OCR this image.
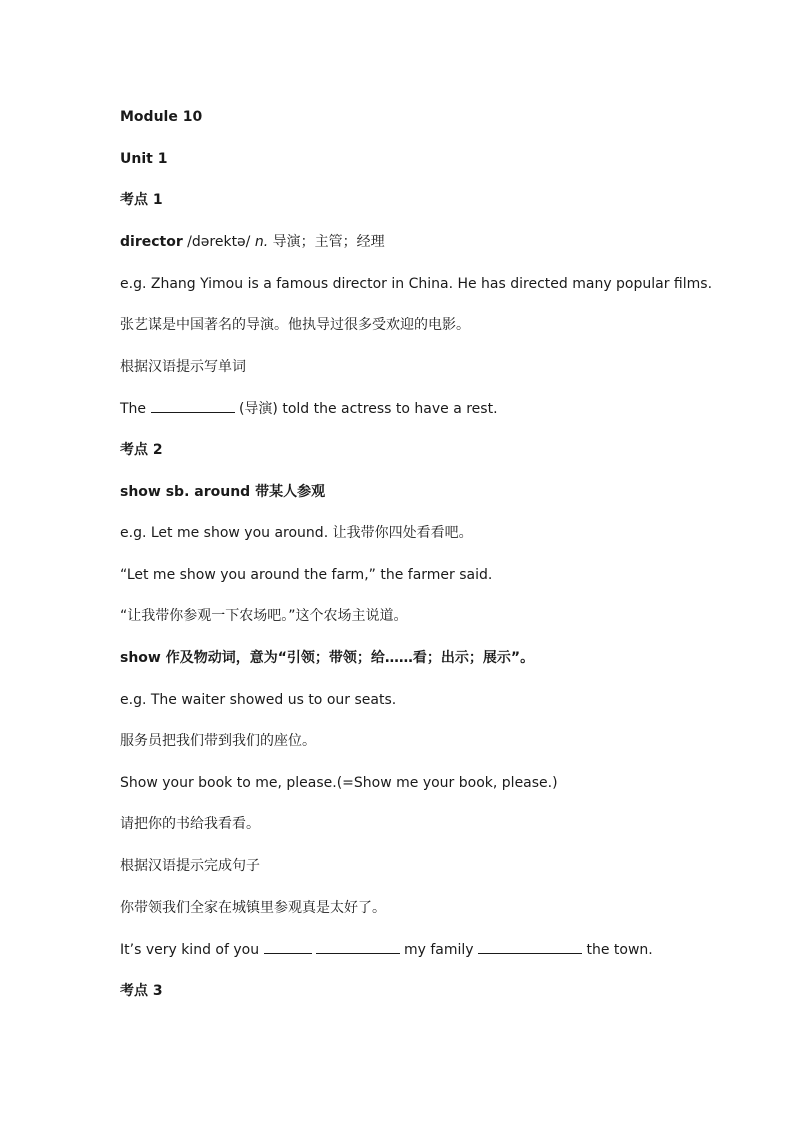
Module 10
Unit 1
考点 1
director /dərektə/ n. 导演；主管；经理
e.g. Zhang Yimou is a famous director in China. He has directed many popular films.
张艺谋是中国著名的导演。他执导过很多受欢迎的电影。
根据汉语提示写单词
The	(导演) told the actress to have a rest.
考点 2
show sb. around 带某人参观
e.g. Let me show you around. 让我带你四处看看吧。
“Let me show you around the farm,” the farmer said.
“让我带你参观一下农场吧。”这个农场主说道。
show 作及物动词，意为“引领；带领；给……看；出示；展示”。
e.g. The waiter showed us to our seats.
服务员把我们带到我们的座位。
Show your book to me, please.(=Show me your book, please.)
请把你的书给我看看。
根据汉语提示完成句子
你带领我们全家在城镇里参观真是太好了。
It’s very kind of you	my family	the town.
考点 3
